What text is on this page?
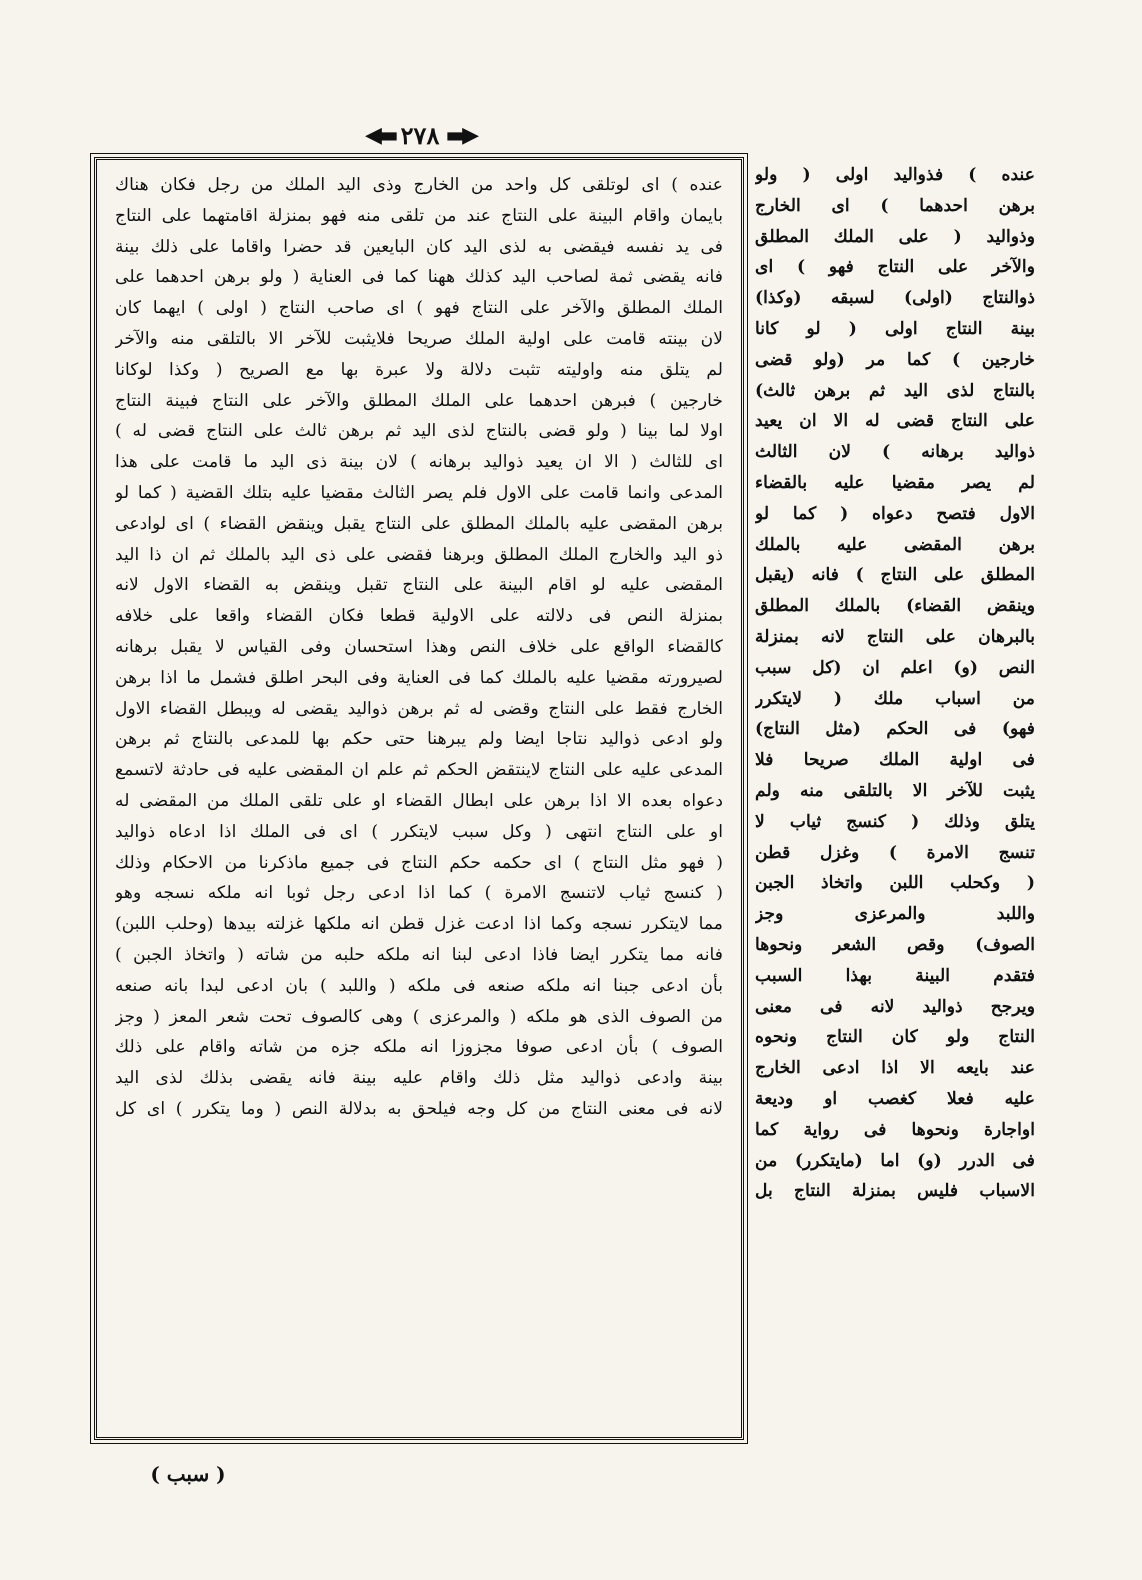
◀▬ ٢٧٨ ▬▶
عنده ) اى لوتلقى كل واحد من الخارج وذى اليد الملك من رجل فكان هناك
بايمان واقام البينة على النتاج عند من تلقى منه فهو بمنزلة اقامتهما على النتاج
فى يد نفسه فيقضى به لذى اليد كان البايعين قد حضرا واقاما على ذلك بينة
فانه يقضى ثمة لصاحب اليد كذلك ههنا كما فى العناية ( ولو برهن احدهما على
الملك المطلق والآخر على النتاج فهو ) اى صاحب النتاج ( اولى ) ايهما كان
لان بينته قامت على اولية الملك صريحا فلايثبت للآخر الا بالتلقى منه والآخر
لم يتلق منه واوليته تثبت دلالة ولا عبرة بها مع الصريح ( وكذا لوكانا
خارجين ) فبرهن احدهما على الملك المطلق والآخر على النتاج فبينة النتاج
اولا لما بينا ( ولو قضى بالنتاج لذى اليد ثم برهن ثالث على النتاج قضى له )
اى للثالث ( الا ان يعيد ذواليد برهانه ) لان بينة ذى اليد ما قامت على هذا
المدعى وانما قامت على الاول فلم يصر الثالث مقضيا عليه بتلك القضية ( كما لو
برهن المقضى عليه بالملك المطلق على النتاج يقبل وينقض القضاء ) اى لوادعى
ذو اليد والخارج الملك المطلق وبرهنا فقضى على ذى اليد بالملك ثم ان ذا اليد
المقضى عليه لو اقام البينة على النتاج تقبل وينقض به القضاء الاول لانه
بمنزلة النص فى دلالته على الاولية قطعا فكان القضاء واقعا على خلافه
كالقضاء الواقع على خلاف النص وهذا استحسان وفى القياس لا يقبل برهانه
لصيرورته مقضيا عليه بالملك كما فى العناية وفى البحر اطلق فشمل ما اذا برهن
الخارج فقط على النتاج وقضى له ثم برهن ذواليد يقضى له ويبطل القضاء الاول
ولو ادعى ذواليد نتاجا ايضا ولم يبرهنا حتى حكم بها للمدعى بالنتاج ثم برهن
المدعى عليه على النتاج لاينتقض الحكم ثم علم ان المقضى عليه فى حادثة لاتسمع
دعواه بعده الا اذا برهن على ابطال القضاء او على تلقى الملك من المقضى له
او على النتاج انتهى ( وكل سبب لايتكرر ) اى فى الملك اذا ادعاه ذواليد
( فهو مثل النتاج ) اى حكمه حكم النتاج فى جميع ماذكرنا من الاحكام وذلك
( كنسج ثياب لاتنسج الامرة ) كما اذا ادعى رجل ثوبا انه ملكه نسجه وهو
مما لايتكرر نسجه وكما اذا ادعت غزل قطن انه ملكها غزلته بيدها (وحلب اللبن)
فانه مما يتكرر ايضا فاذا ادعى لبنا انه ملكه حلبه من شاته ( واتخاذ الجبن )
بأن ادعى جبنا انه ملكه صنعه فى ملكه ( واللبد ) بان ادعى لبدا بانه صنعه
من الصوف الذى هو ملكه ( والمرعزى ) وهى كالصوف تحت شعر المعز ( وجز
الصوف ) بأن ادعى صوفا مجزوزا انه ملكه جزه من شاته واقام على ذلك
بينة وادعى ذواليد مثل ذلك واقام عليه بينة فانه يقضى بذلك لذى اليد
لانه فى معنى النتاج من كل وجه فيلحق به بدلالة النص ( وما يتكرر ) اى كل
عنده ) فذواليد اولى ( ولو
برهن احدهما ) اى الخارج
وذواليد ( على الملك المطلق
والآخر على النتاج فهو ) اى
ذوالنتاج (اولى) لسبقه (وكذا)
بينة النتاج اولى ( لو كانا
خارجين ) كما مر (ولو قضى
بالنتاج لذى اليد ثم برهن ثالث)
على النتاج قضى له الا ان يعيد
ذواليد برهانه ) لان الثالث
لم يصر مقضيا عليه بالقضاء
الاول فتصح دعواه ( كما لو
برهن المقضى عليه بالملك
المطلق على النتاج ) فانه (يقبل
وينقض القضاء) بالملك المطلق
بالبرهان على النتاج لانه بمنزلة
النص (و) اعلم ان (كل سبب
من اسباب ملك ( لايتكرر
فهو) فى الحكم (مثل النتاج)
فى اولية الملك صريحا فلا
يثبت للآخر الا بالتلقى منه ولم
يتلق وذلك ( كنسج ثياب لا
تنسج الامرة ) وغزل قطن
( وكحلب اللبن واتخاذ الجبن
واللبد والمرعزى وجز
الصوف) وقص الشعر ونحوها
فتقدم البينة بهذا السبب
ويرجح ذواليد لانه فى معنى
النتاج ولو كان النتاج ونحوه
عند بايعه الا اذا ادعى الخارج
عليه فعلا كغصب او وديعة
اواجارة ونحوها فى رواية كما
فى الدرر (و) اما (مايتكرر) من
الاسباب فليس بمنزلة النتاج بل
( سبب )
